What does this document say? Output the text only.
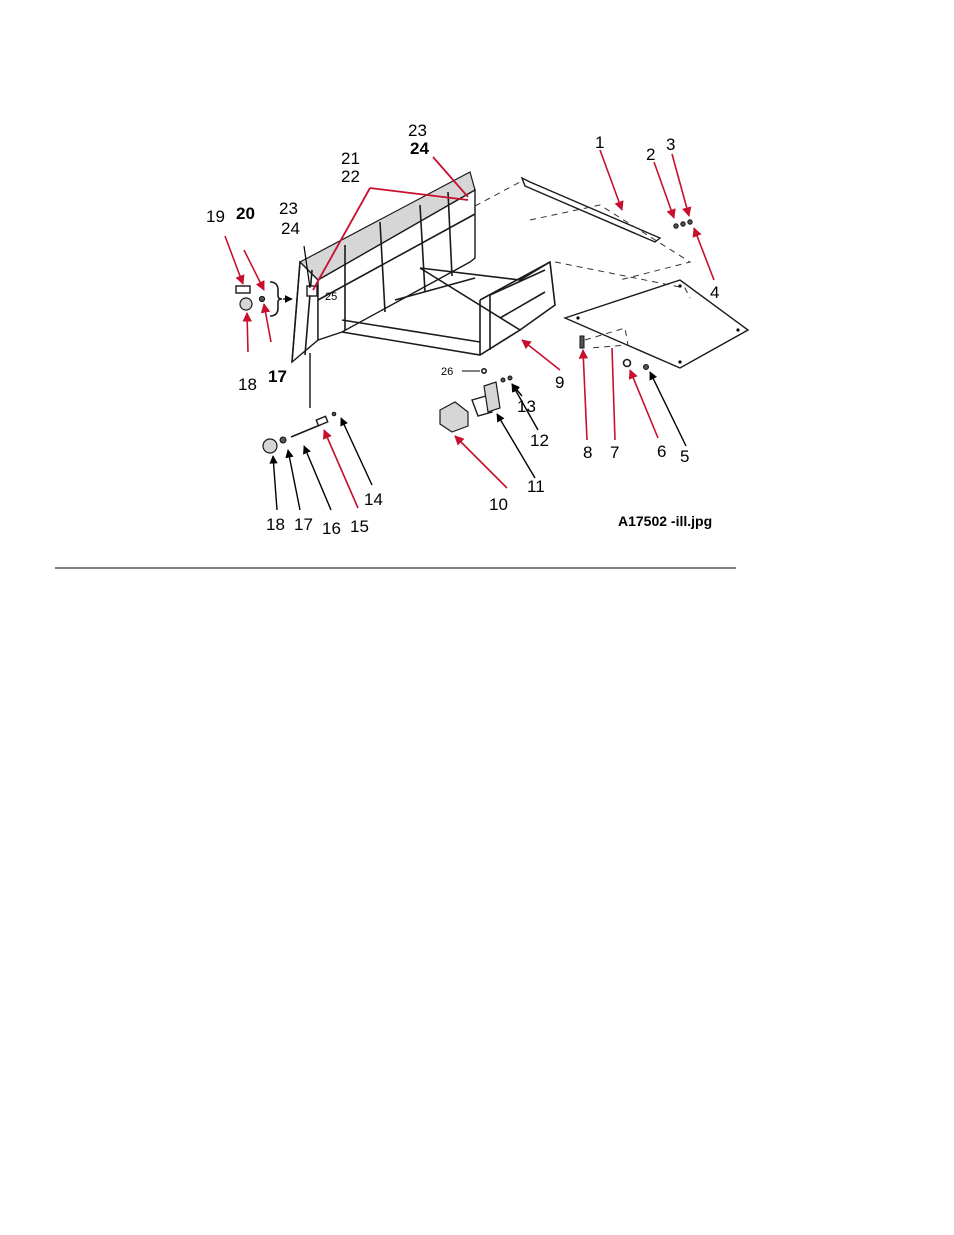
1
2
3
4
5
6
7
8
9
10
11
12
13
14
15
16
17
18
17
18
19 20
21
22
23
24
23
24
25
26
A17502 -ill.jpg
